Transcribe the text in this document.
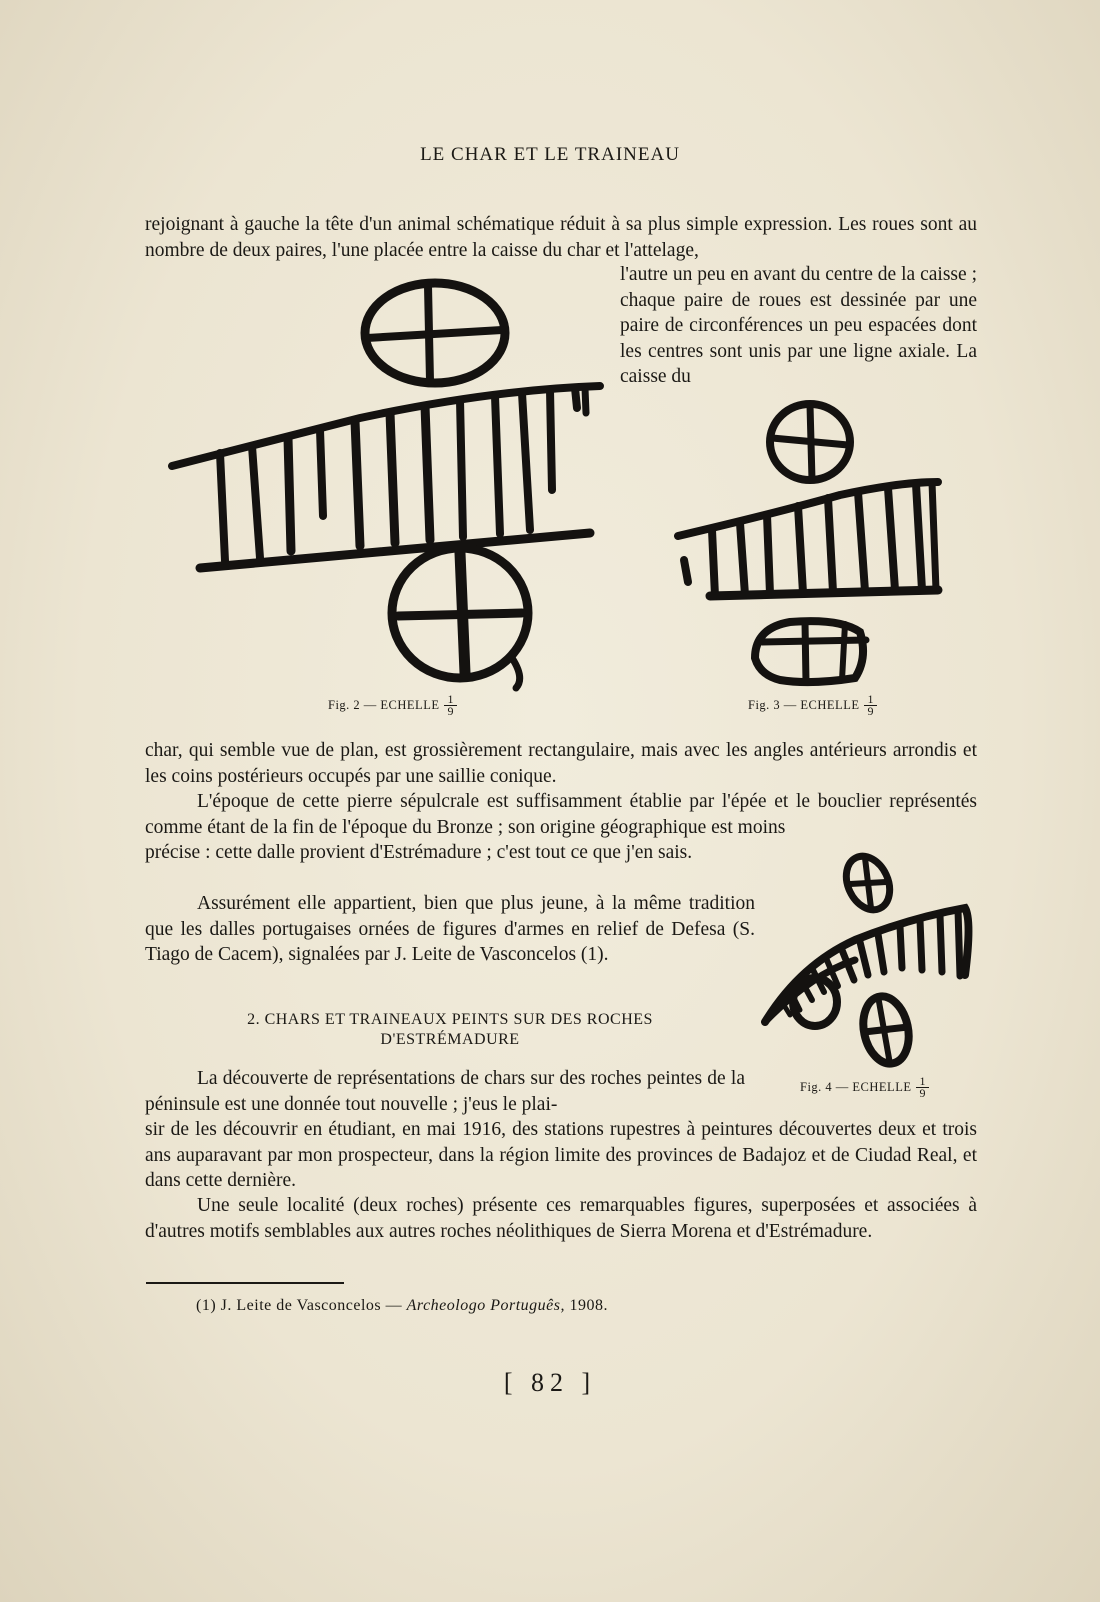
LE CHAR ET LE TRAINEAU

rejoignant à gauche la tête d'un animal schématique réduit à sa plus simple expression. Les roues sont au nombre de deux paires, l'une placée entre la caisse du char et l'attelage,

l'autre un peu en avant du centre de la caisse ; chaque paire de roues est dessinée par une paire de circonférences un peu espacées dont les centres sont unis par une ligne axiale. La caisse du

Fig. 2 — ECHELLE $\frac{1}{9}$	Fig. 3 — ECHELLE $\frac{1}{9}$

char, qui semble vue de plan, est grossièrement rectangulaire, mais avec les angles antérieurs arrondis et les coins postérieurs occupés par une saillie conique.

L'époque de cette pierre sépulcrale est suffisamment établie par l'épée et le bouclier représentés comme étant de la fin de l'époque du Bronze ; son origine géographique est moins

précise : cette dalle provient d'Estrémadure ; c'est tout ce que j'en sais.

Assurément elle appartient, bien que plus jeune, à la même tradition que les dalles portugaises ornées de figures d'armes en relief de Defesa (S. Tiago de Cacem), signalées par J. Leite de Vasconcelos (1).

2. CHARS ET TRAINEAUX PEINTS SUR DES ROCHES
D'ESTRÉMADURE
Fig. 4 — ECHELLE $\frac{1}{9}$

La découverte de représentations de chars sur des roches peintes de la péninsule est une donnée tout nouvelle ; j'eus le plai-

sir de les découvrir en étudiant, en mai 1916, des stations rupestres à peintures découvertes deux et trois ans auparavant par mon prospecteur, dans la région limite des provinces de Badajoz et de Ciudad Real, et dans cette dernière.

Une seule localité (deux roches) présente ces remarquables figures, superposées et associées à d'autres motifs semblables aux autres roches néolithiques de Sierra Morena et d'Estrémadure.

(1) J. Leite de Vasconcelos — Archeologo Português, 1908.
[ 82 ]
